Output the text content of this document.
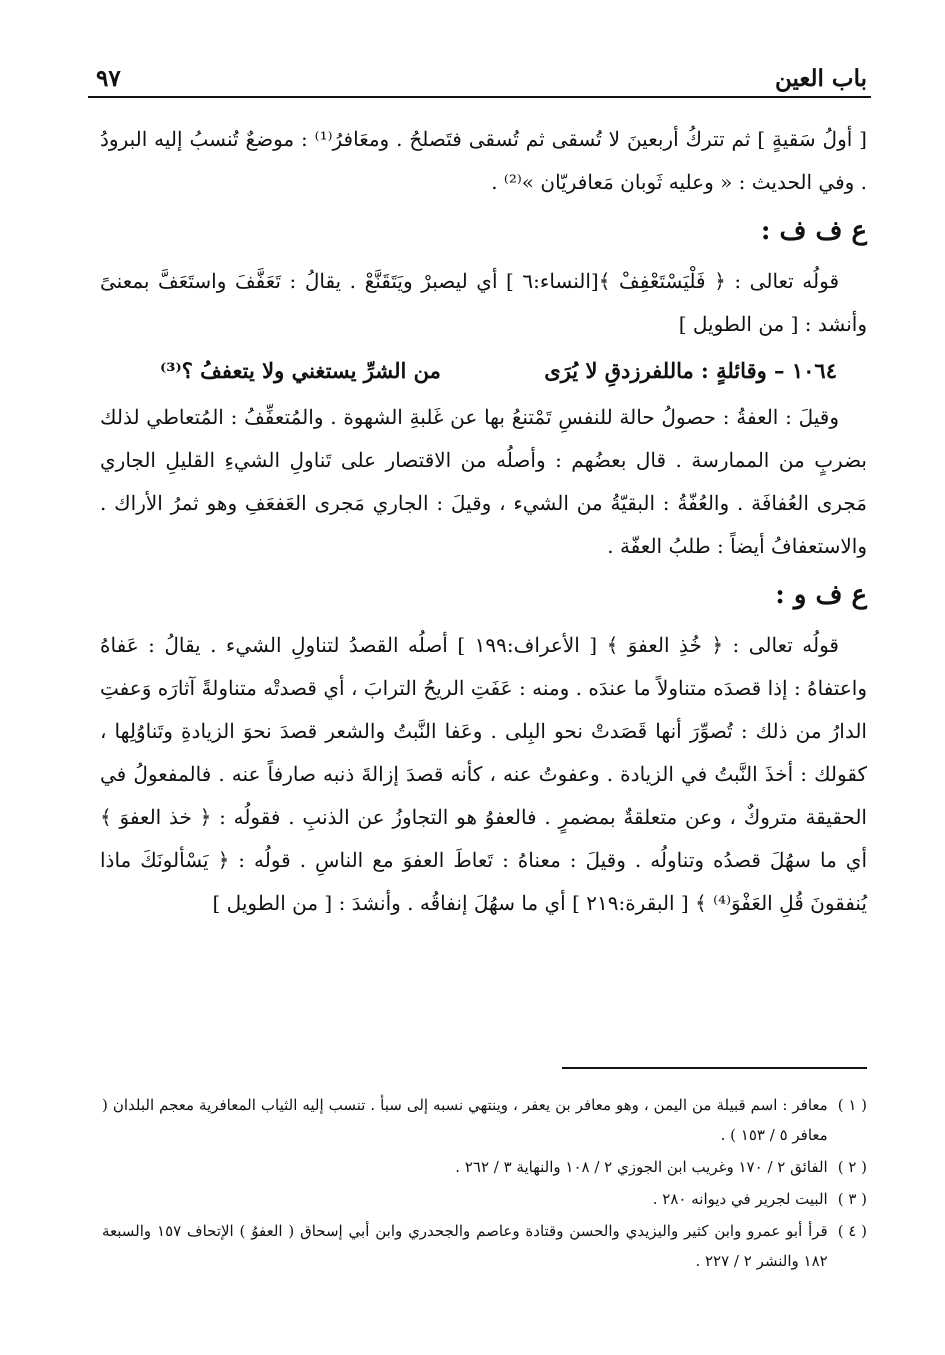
باب العين
٩٧

[ أولُ سَقيةٍ ] ثم تتركُ أربعينَ لا تُسقى ثم تُسقى فتَصلحُ . ومعَافرُ⁽¹⁾ : موضعٌ تُنسبُ إليه البرودُ . وفي الحديث : « وعليه ثَوبان مَعافريّان »⁽²⁾ .

ع ف ف :

قولُه تعالى : ﴿ فَلْيَسْتَعْفِفْ ﴾[النساء:٦ ] أي ليصبرْ ويَتَقَنَّعْ . يقالُ : تَعَفَّفَ واستَعَفَّ بمعنىً وأنشد : [ من الطويل ]

١٠٦٤ – وقائلةٍ : ماللفرزدقِ لا يُرَى
من الشرِّ يستغني ولا يتعففُ ؟⁽³⁾

وقيلَ : العفةُ : حصولُ حالة للنفسِ تَمْتنعُ بها عن غَلبةِ الشهوة . والمُتعفِّفُ : المُتعاطي لذلك بضربٍ من الممارسة . قال بعضُهم : وأصلُه من الاقتصار على تَناولِ الشيءِ القليلِ الجاري مَجرى العُفافَة . والعُفّةُ : البقيّةُ من الشيء ، وقيلَ : الجاري مَجرى العَفعَفِ وهو ثمرُ الأراك . والاستعفافُ أيضاً : طلبُ العفّة .

ع ف و :

قولُه تعالى : ﴿ خُذِ العفوَ ﴾ [ الأعراف:١٩٩ ] أصلُه القصدُ لتناولِ الشيء . يقالُ : عَفاهُ واعتفاهُ : إذا قصدَه متناولاً ما عندَه . ومنه : عَفَتِ الريحُ الترابَ ، أي قصدتْه متناولةً آثارَه وَعفتِ الدارُ من ذلك : تُصوِّرَ أنها قَصَدتْ نحو البِلى . وعَفا النَّبتُ والشعر قصدَ نحوَ الزيادةِ وتَناوُلِها ، كقولك : أخذَ النَّبتُ في الزيادة . وعفوتُ عنه ، كأنه قصدَ إزالةَ ذنبه صارفاً عنه . فالمفعولُ في الحقيقة متروكٌ ، وعن متعلقةٌ بمضمرٍ . فالعفوُ هو التجاوزُ عن الذنبِ . فقولُه : ﴿ خذ العفوَ ﴾ أي ما سهُلَ قصدُه وتناولُه . وقيلَ : معناهُ : تَعاطَ العفوَ مع الناسِ . قولُه : ﴿ يَسْألونَكَ ماذا يُنفقونَ قُلِ العَفْوَ⁽⁴⁾ ﴾ [ البقرة:٢١٩ ] أي ما سهُلَ إنفاقُه . وأنشدَ : [ من الطويل ]

( ١ )
معافر : اسم قبيلة من اليمن ، وهو معافر بن يعفر ، وينتهي نسبه إلى سبأ . تنسب إليه الثياب المعافرية معجم البلدان ( معافر ٥ / ١٥٣ ) .
( ٢ )
الفائق ٢ / ١٧٠ وغريب ابن الجوزي ٢ / ١٠٨ والنهاية ٣ / ٢٦٢ .
( ٣ )
البيت لجرير في ديوانه ٢٨٠ .
( ٤ )
قرأ أبو عمرو وابن كثير واليزيدي والحسن وقتادة وعاصم والجحدري وابن أبي إسحاق ( العفوُ ) الإتحاف ١٥٧ والسبعة ١٨٢ والنشر ٢ / ٢٢٧ .
